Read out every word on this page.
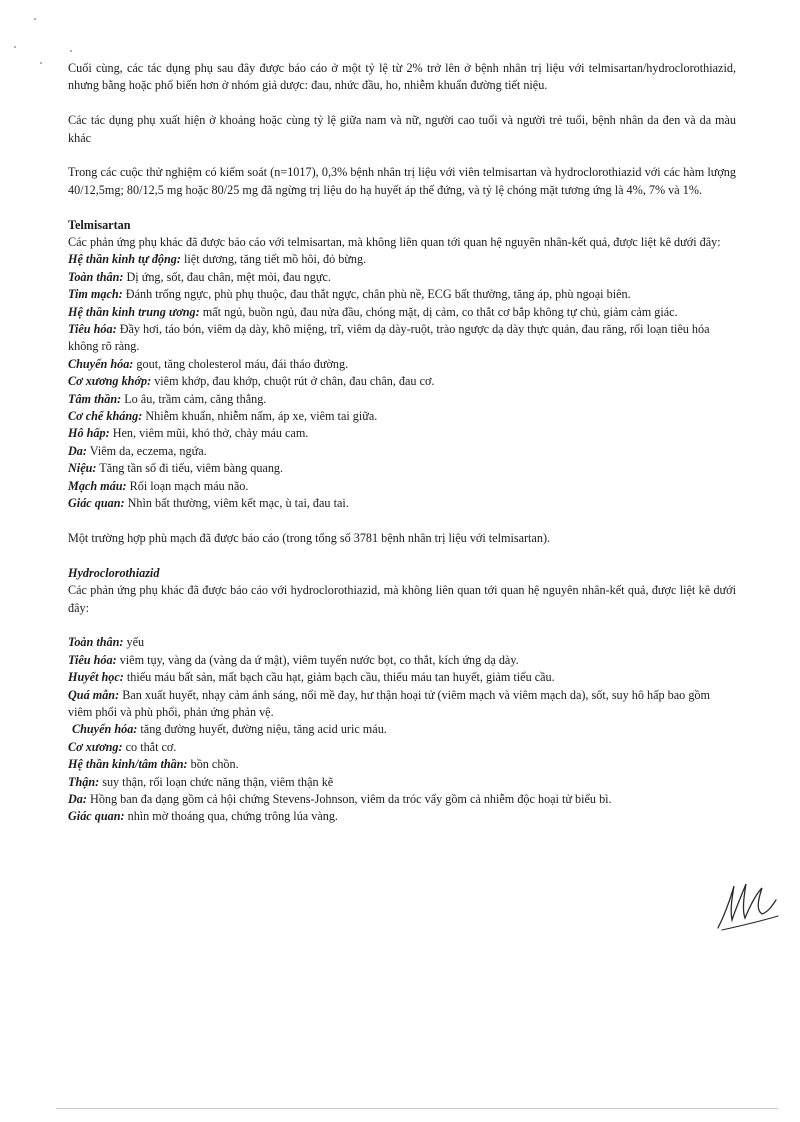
Cuối cùng, các tác dụng phụ sau đây được báo cáo ở một tỷ lệ từ 2% trở lên ở bệnh nhân trị liệu với telmisartan/hydroclorothiazid, nhưng bằng hoặc phổ biến hơn ở nhóm giả dược: đau, nhức đầu, ho, nhiễm khuẩn đường tiết niệu.

Các tác dụng phụ xuất hiện ở khoảng hoặc cùng tỷ lệ giữa nam và nữ, người cao tuổi và người trẻ tuổi, bệnh nhân da đen và da màu khác

Trong các cuộc thử nghiệm có kiểm soát (n=1017), 0,3% bệnh nhân trị liệu với viên telmisartan và hydroclorothiazid với các hàm lượng 40/12,5mg; 80/12,5 mg hoặc 80/25 mg đã ngừng trị liệu do hạ huyết áp thế đứng, và tỷ lệ chóng mặt tương ứng là 4%, 7% và 1%.

Telmisartan

Các phản ứng phụ khác đã được báo cáo với telmisartan, mà không liên quan tới quan hệ nguyên nhân-kết quả, được liệt kê dưới đây:

Hệ thần kinh tự động: liệt dương, tăng tiết mồ hôi, đỏ bừng.

Toàn thân: Dị ứng, sốt, đau chân, mệt mỏi, đau ngực.

Tim mạch: Đánh trống ngực, phù phụ thuộc, đau thắt ngực, chân phù nề, ECG bất thường, tăng áp, phù ngoại biên.

Hệ thần kinh trung ương: mất ngủ, buồn ngủ, đau nửa đầu, chóng mặt, dị cảm, co thắt cơ bắp không tự chủ, giảm cảm giác.

Tiêu hóa: Đầy hơi, táo bón, viêm dạ dày, khô miệng, trĩ, viêm dạ dày-ruột, trào ngược dạ dày thực quản, đau răng, rối loạn tiêu hóa không rõ ràng.

Chuyển hóa: gout, tăng cholesterol máu, đái tháo đường.

Cơ xương khớp: viêm khớp, đau khớp, chuột rút ở chân, đau chân, đau cơ.

Tâm thần: Lo âu, trầm cảm, căng thẳng.

Cơ chế kháng: Nhiễm khuẩn, nhiễm nấm, áp xe, viêm tai giữa.

Hô hấp: Hen, viêm mũi, khó thở, chảy máu cam.

Da: Viêm da, eczema, ngứa.

Niệu: Tăng tần số đi tiểu, viêm bàng quang.

Mạch máu: Rối loạn mạch máu não.

Giác quan: Nhìn bất thường, viêm kết mạc, ù tai, đau tai.

Một trường hợp phù mạch đã được báo cáo (trong tổng số 3781 bệnh nhân trị liệu với telmisartan).

Hydroclorothiazid

Các phản ứng phụ khác đã được báo cáo với hydroclorothiazid, mà không liên quan tới quan hệ nguyên nhân-kết quả, được liệt kê dưới đây:

Toàn thân: yếu

Tiêu hóa: viêm tụy, vàng da (vàng da ứ mật), viêm tuyến nước bọt, co thắt, kích ứng dạ dày.

Huyết học: thiếu máu bất sản, mất bạch cầu hạt, giảm bạch cầu, thiếu máu tan huyết, giảm tiểu cầu.

Quá mẫn: Ban xuất huyết, nhạy cảm ánh sáng, nổi mề đay, hư thận hoại tử (viêm mạch và viêm mạch da), sốt, suy hô hấp bao gồm viêm phổi và phù phổi, phản ứng phản vệ.

Chuyển hóa: tăng đường huyết, đường niệu, tăng acid uric máu.

Cơ xương: co thắt cơ.

Hệ thần kinh/tâm thần: bồn chồn.

Thận: suy thận, rối loạn chức năng thận, viêm thận kẽ

Da: Hồng ban đa dạng gồm cả hội chứng Stevens-Johnson, viêm da tróc vẩy gồm cả nhiễm độc hoại tử biểu bì.

Giác quan: nhìn mờ thoáng qua, chứng trông lúa vàng.
